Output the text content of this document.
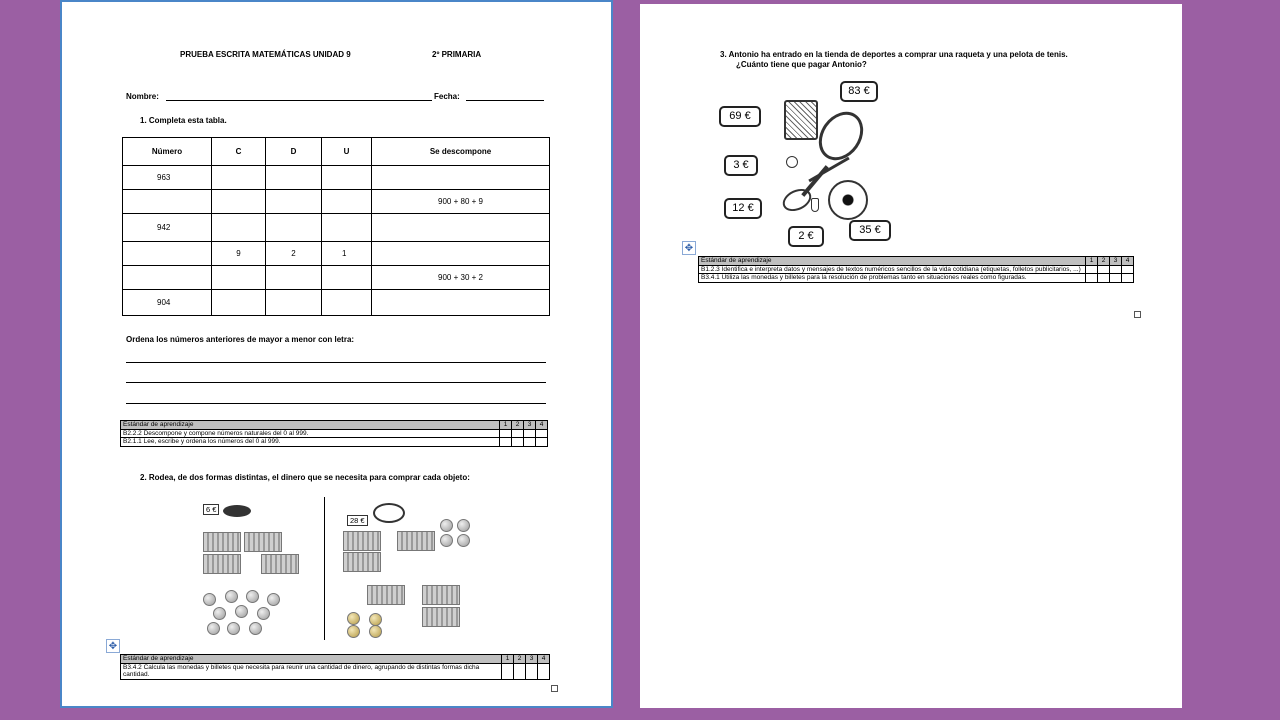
PRUEBA ESCRITA MATEMÁTICAS UNIDAD 9	2º PRIMARIA
Nombre:	Fecha:
1. Completa esta tabla.
Número	C	D	U	Se descompone
963				
				900 + 80 + 9
942				
	9	2	1	
				900 + 30 + 2
904				
Ordena los números anteriores de mayor a menor con letra:
Estándar de aprendizaje	1	2	3	4
B2.2.2 Descompone y compone números naturales del 0 al 999.				
B2.1.1 Lee, escribe y ordena los números del 0 al 999.				
2. Rodea, de dos formas distintas, el dinero que se necesita para comprar cada objeto:
6 €
28 €
✥
Estándar de aprendizaje	1	2	3	4
B3.4.2 Calcula las monedas y billetes que necesita para reunir una cantidad de dinero, agrupando de distintas formas dicha cantidad.				
3. Antonio ha entrado en la tienda de deportes a comprar una raqueta y una pelota de tenis.
¿Cuánto tiene que pagar Antonio?
69 €
83 €
3 €
12 €
2 €	35 €
✥
Estándar de aprendizaje	1	2	3	4
B1.2.3 Identifica e interpreta datos y mensajes de textos numéricos sencillos de la vida cotidiana (etiquetas, folletos publicitarios, ...)				
B3.4.1 Utiliza las monedas y billetes para la resolución de problemas tanto en situaciones reales como figuradas.				
